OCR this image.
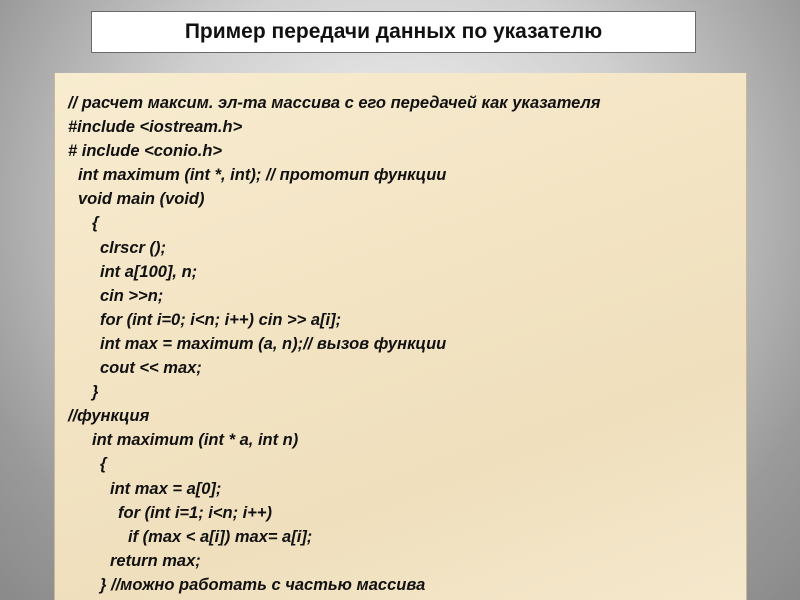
Пример передачи данных по указателю
// расчет максим. эл-та массива с его передачей как указателя
#include <iostream.h>
# include <conio.h>
int maximum (int *, int); // прототип функции
void main (void)
{
clrscr ();
int a[100], n;
cin >>n;
for (int i=0; i<n; i++) cin >> a[i];
int max = maximum (a, n);// вызов функции
cout << max;
}
//функция
int maximum (int * a, int n)
{
int max = a[0];
for (int i=1; i<n; i++)
if (max < a[i]) max= a[i];
return max;
} //можно работать с частью массива
